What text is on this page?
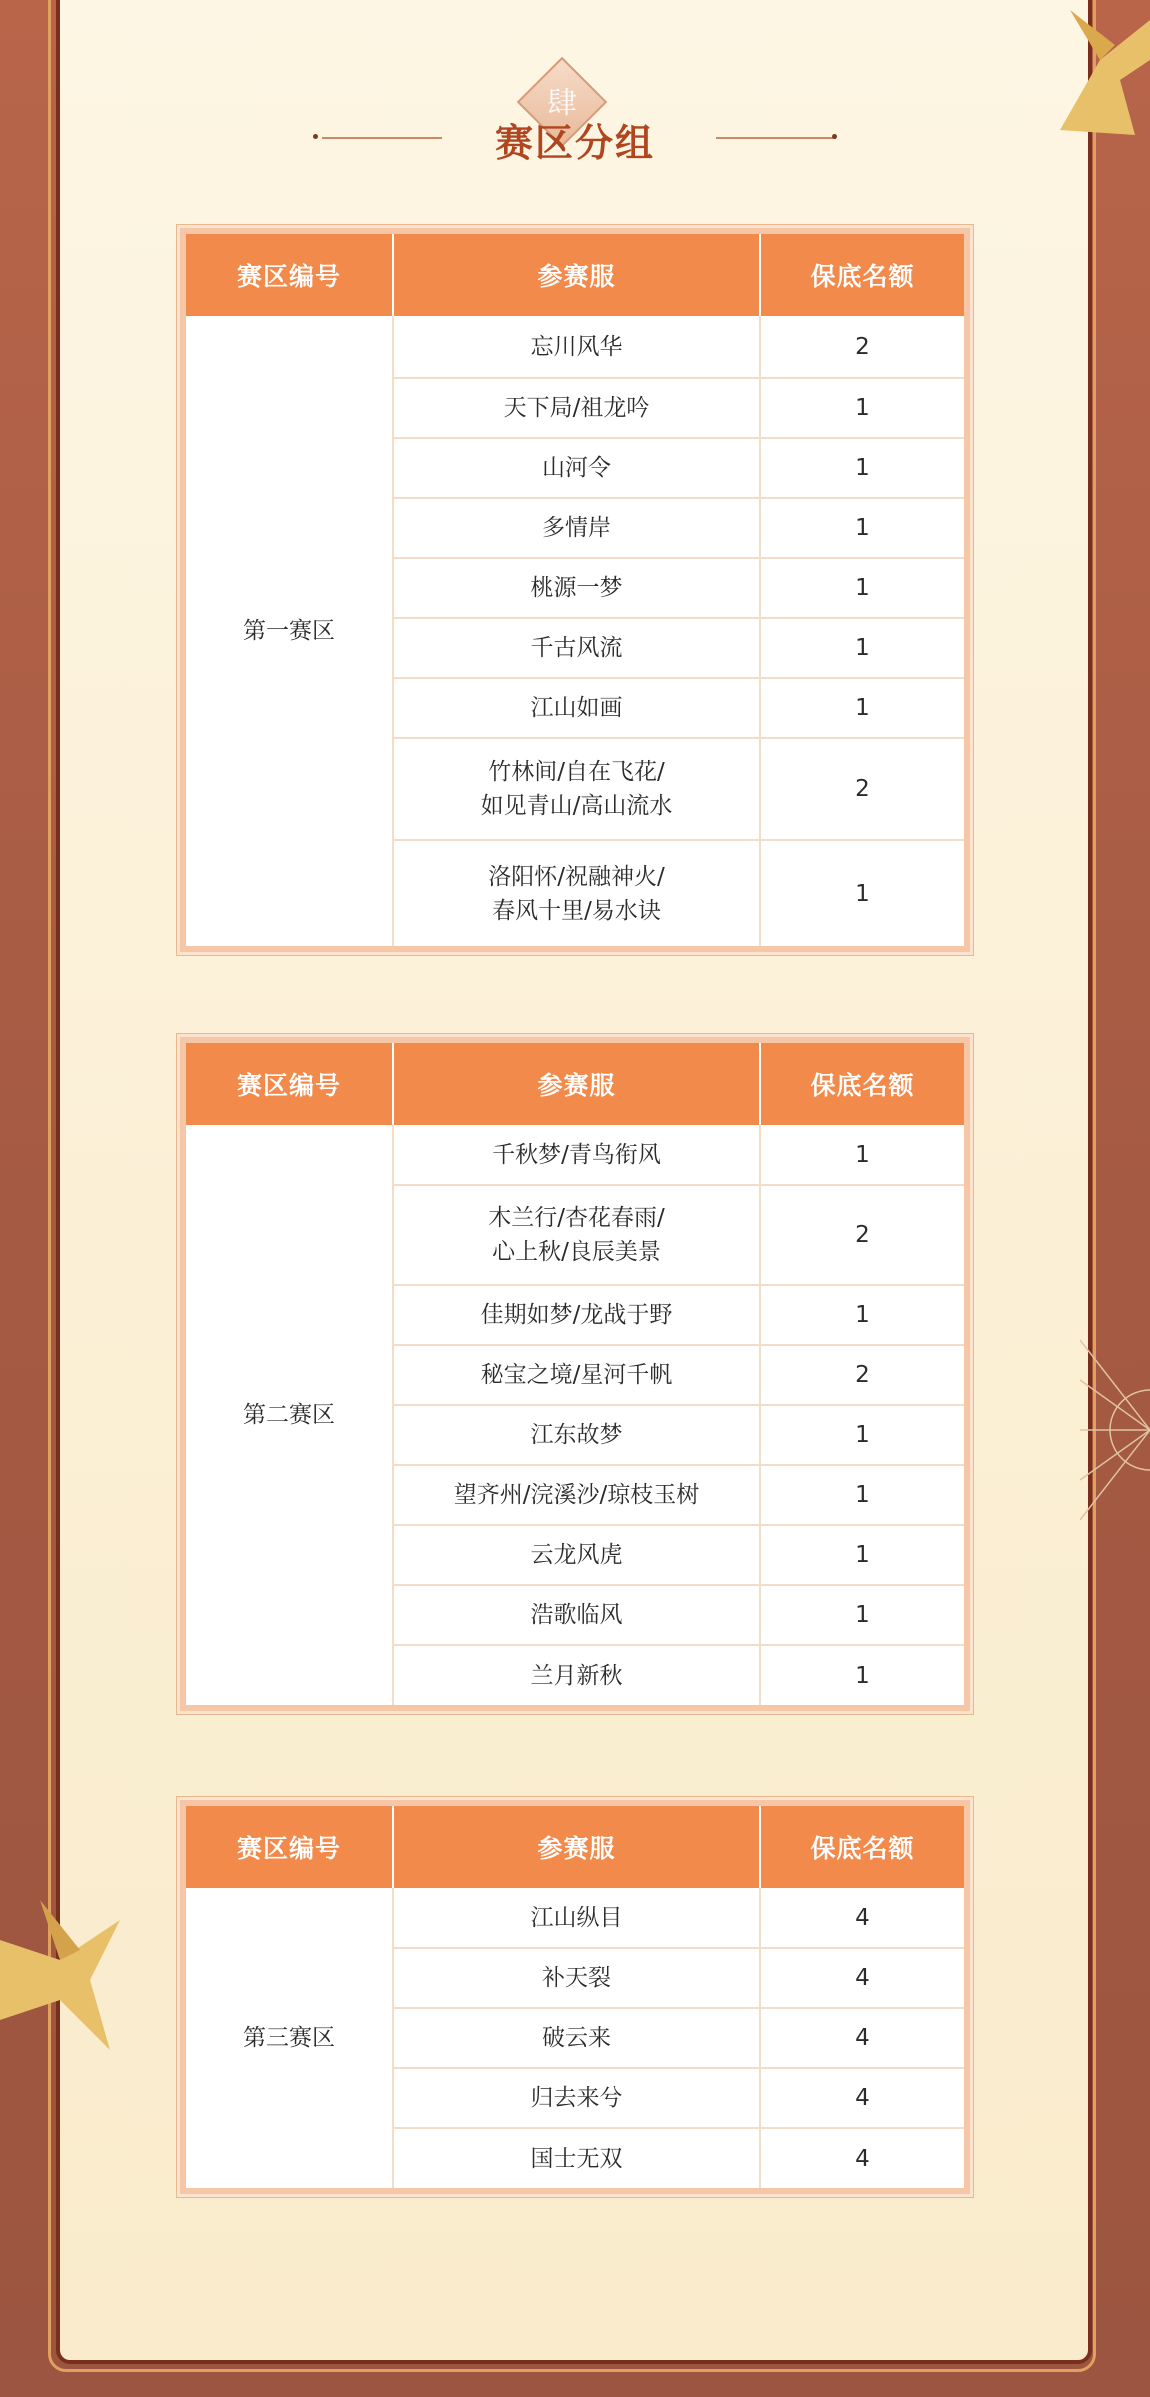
肆
赛区分组
赛区编号	参赛服	保底名额
第一赛区	忘川风华	2
	天下局/祖龙吟	1
	山河令	1
	多情岸	1
	桃源一梦	1
	千古风流	1
	江山如画	1
	竹林间/自在飞花/
如见青山/高山流水	2
	洛阳怀/祝融神火/
春风十里/易水诀	1
赛区编号	参赛服	保底名额
第二赛区	千秋梦/青鸟衔风	1
	木兰行/杏花春雨/
心上秋/良辰美景	2
	佳期如梦/龙战于野	1
	秘宝之境/星河千帆	2
	江东故梦	1
	望齐州/浣溪沙/琼枝玉树	1
	云龙风虎	1
	浩歌临风	1
	兰月新秋	1
赛区编号	参赛服	保底名额
第三赛区	江山纵目	4
	补天裂	4
	破云来	4
	归去来兮	4
	国士无双	4
